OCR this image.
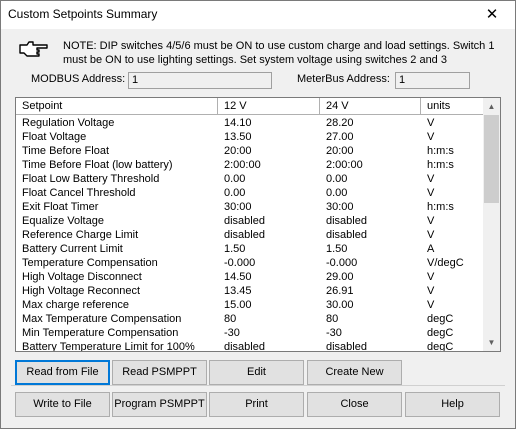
Custom Setpoints Summary	✕
NOTE: DIP switches 4/5/6 must be ON to use custom charge and load settings. Switch 1 must be ON to use lighting settings. Set system voltage using switches 2 and 3
MODBUS Address: 1	MeterBus Address: 1
Setpoint	12 V	24 V	units
Regulation Voltage	14.10	28.20	V
Float Voltage	13.50	27.00	V
Time Before Float	20:00	20:00	h:m:s
Time Before Float (low battery)	2:00:00	2:00:00	h:m:s
Float Low Battery Threshold	0.00	0.00	V
Float Cancel Threshold	0.00	0.00	V
Exit Float Timer	30:00	30:00	h:m:s
Equalize Voltage	disabled	disabled	V
Reference Charge Limit	disabled	disabled	V
Battery Current Limit	1.50	1.50	A
Temperature Compensation	-0.000	-0.000	V/degC
High Voltage Disconnect	14.50	29.00	V
High Voltage Reconnect	13.45	26.91	V
Max charge reference	15.00	30.00	V
Max Temperature Compensation	80	80	degC
Min Temperature Compensation	-30	-30	degC
Battery Temperature Limit for 100%	disabled	disabled	degC
▲
▼
Read from File	Read PSMPPT	Edit	Create New
Write to File	Program PSMPPT	Print	Close	Help
